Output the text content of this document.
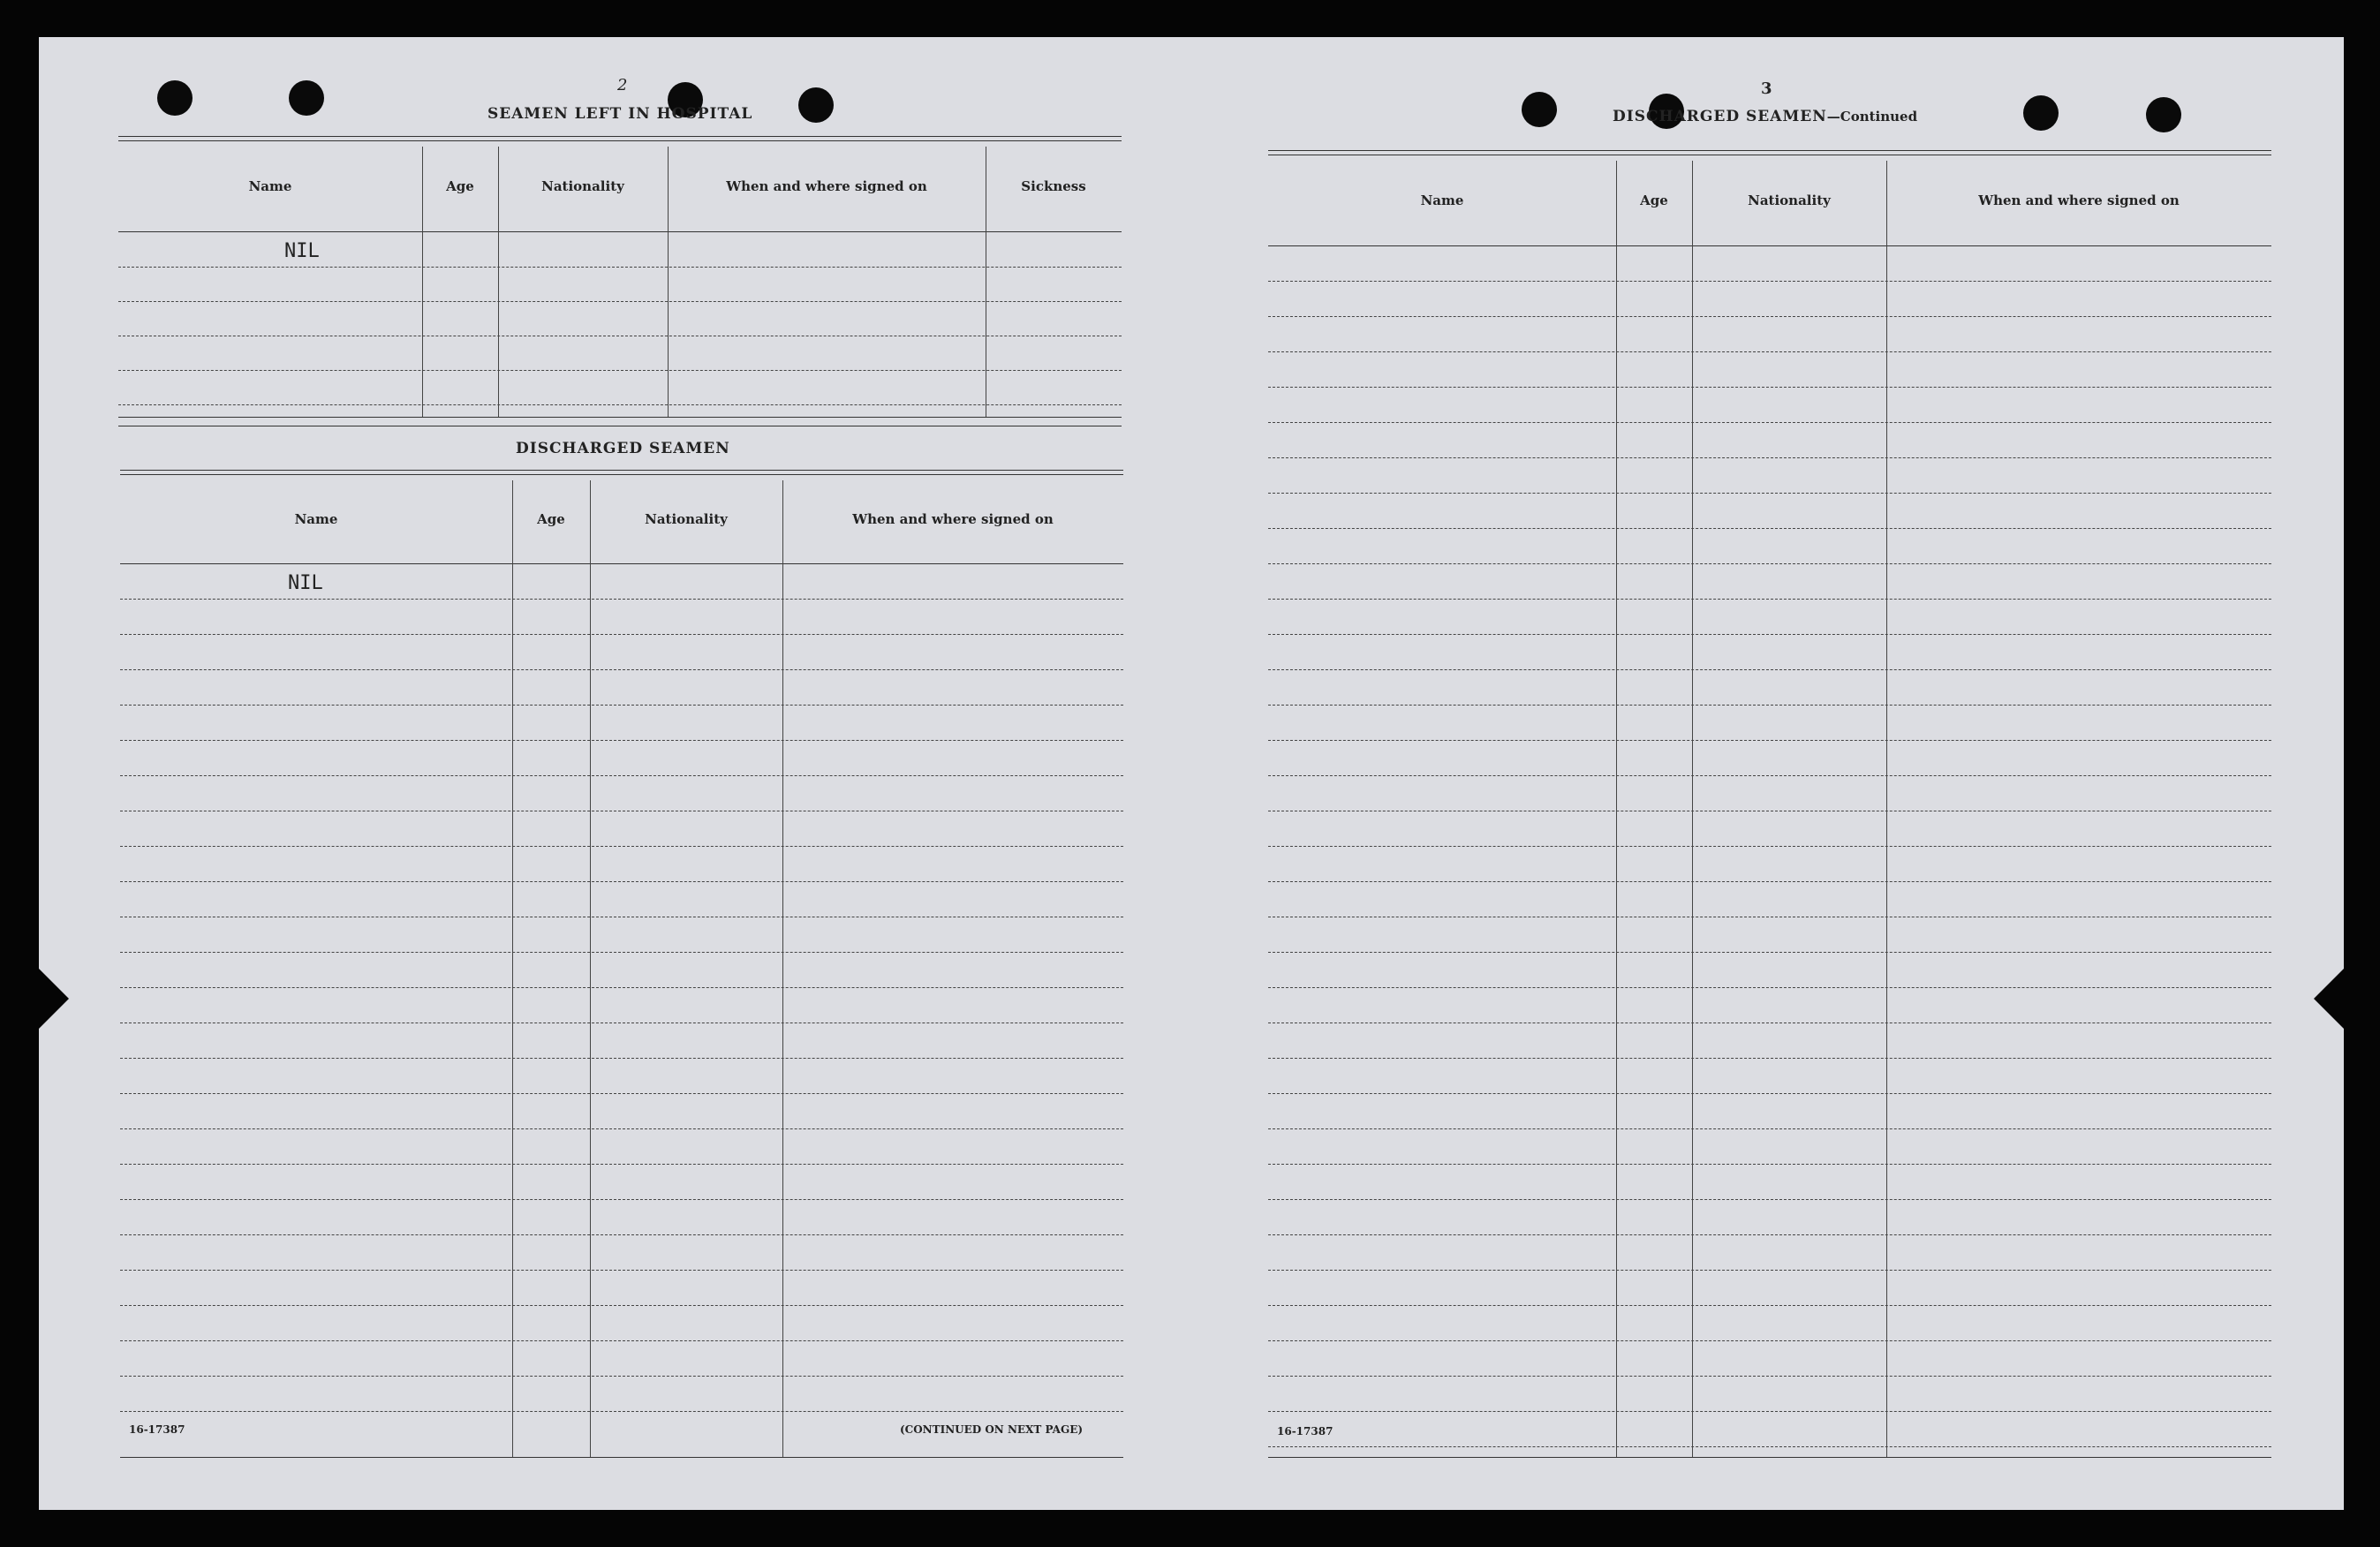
2
SEAMEN LEFT IN HOSPITAL
Name	Age	Nationality	When and where signed on	Sickness
NIL
DISCHARGED SEAMEN
Name	Age	Nationality	When and where signed on
NIL
16-17387	(CONTINUED ON NEXT PAGE)
3
DISCHARGED SEAMEN—Continued
Name	Age	Nationality	When and where signed on
16-17387
